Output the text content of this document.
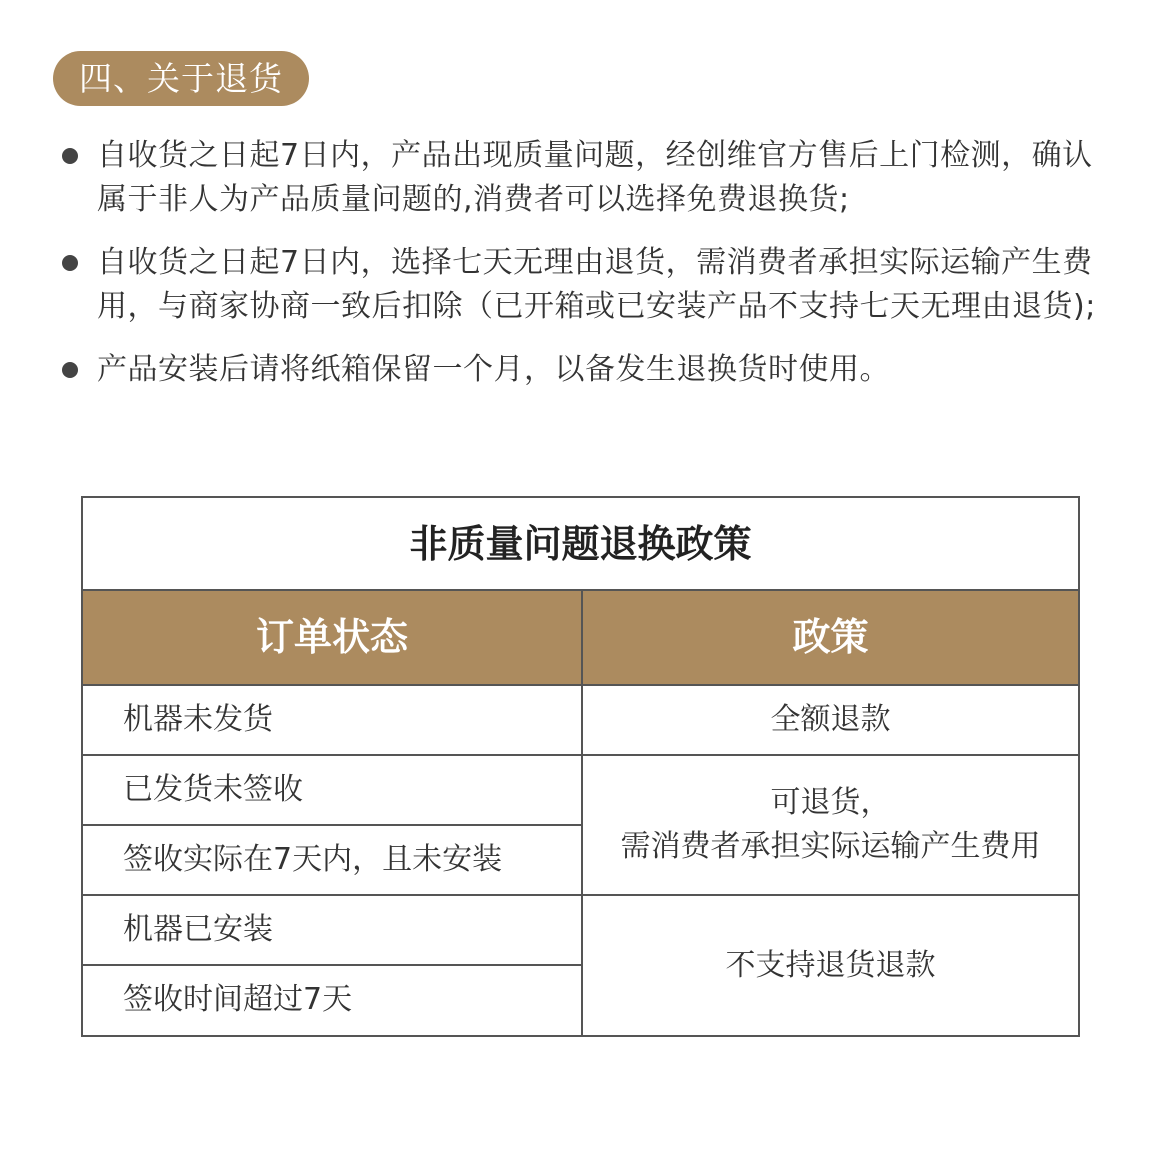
四、关于退货
自收货之日起7日内，产品出现质量问题，经创维官方售后上门检测，确认属于非人为产品质量问题的,消费者可以选择免费退换货;
自收货之日起7日内，选择七天无理由退货，需消费者承担实际运输产生费用，与商家协商一致后扣除（已开箱或已安装产品不支持七天无理由退货);
产品安装后请将纸箱保留一个月，以备发生退换货时使用。
非质量问题退换政策
订单状态	政策
机器未发货
已发货未签收
签收实际在7天内，且未安装
机器已安装
签收时间超过7天
全额退款
可退货，
需消费者承担实际运输产生费用
不支持退货退款
